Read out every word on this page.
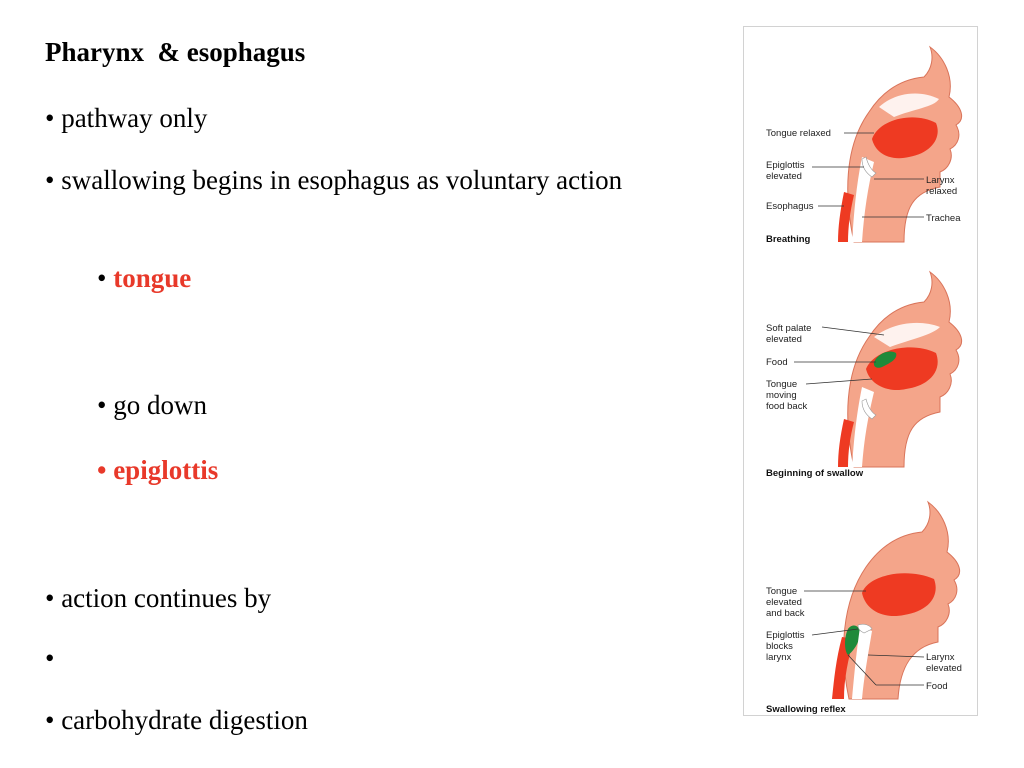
Pharynx  & esophagus
• pathway only
• swallowing begins in esophagus as voluntary action
• tongue
• go down
• epiglottis
• action continues by
•
• carbohydrate digestion
Tongue relaxed
Epiglottis
elevated
Esophagus
Larynx
relaxed
Trachea
Breathing
Soft palate
elevated
Food
Tongue
moving
food back
Beginning of swallow
Tongue
elevated
and back
Epiglottis
blocks
larynx	Larynx
elevated
Food
Swallowing reflex
